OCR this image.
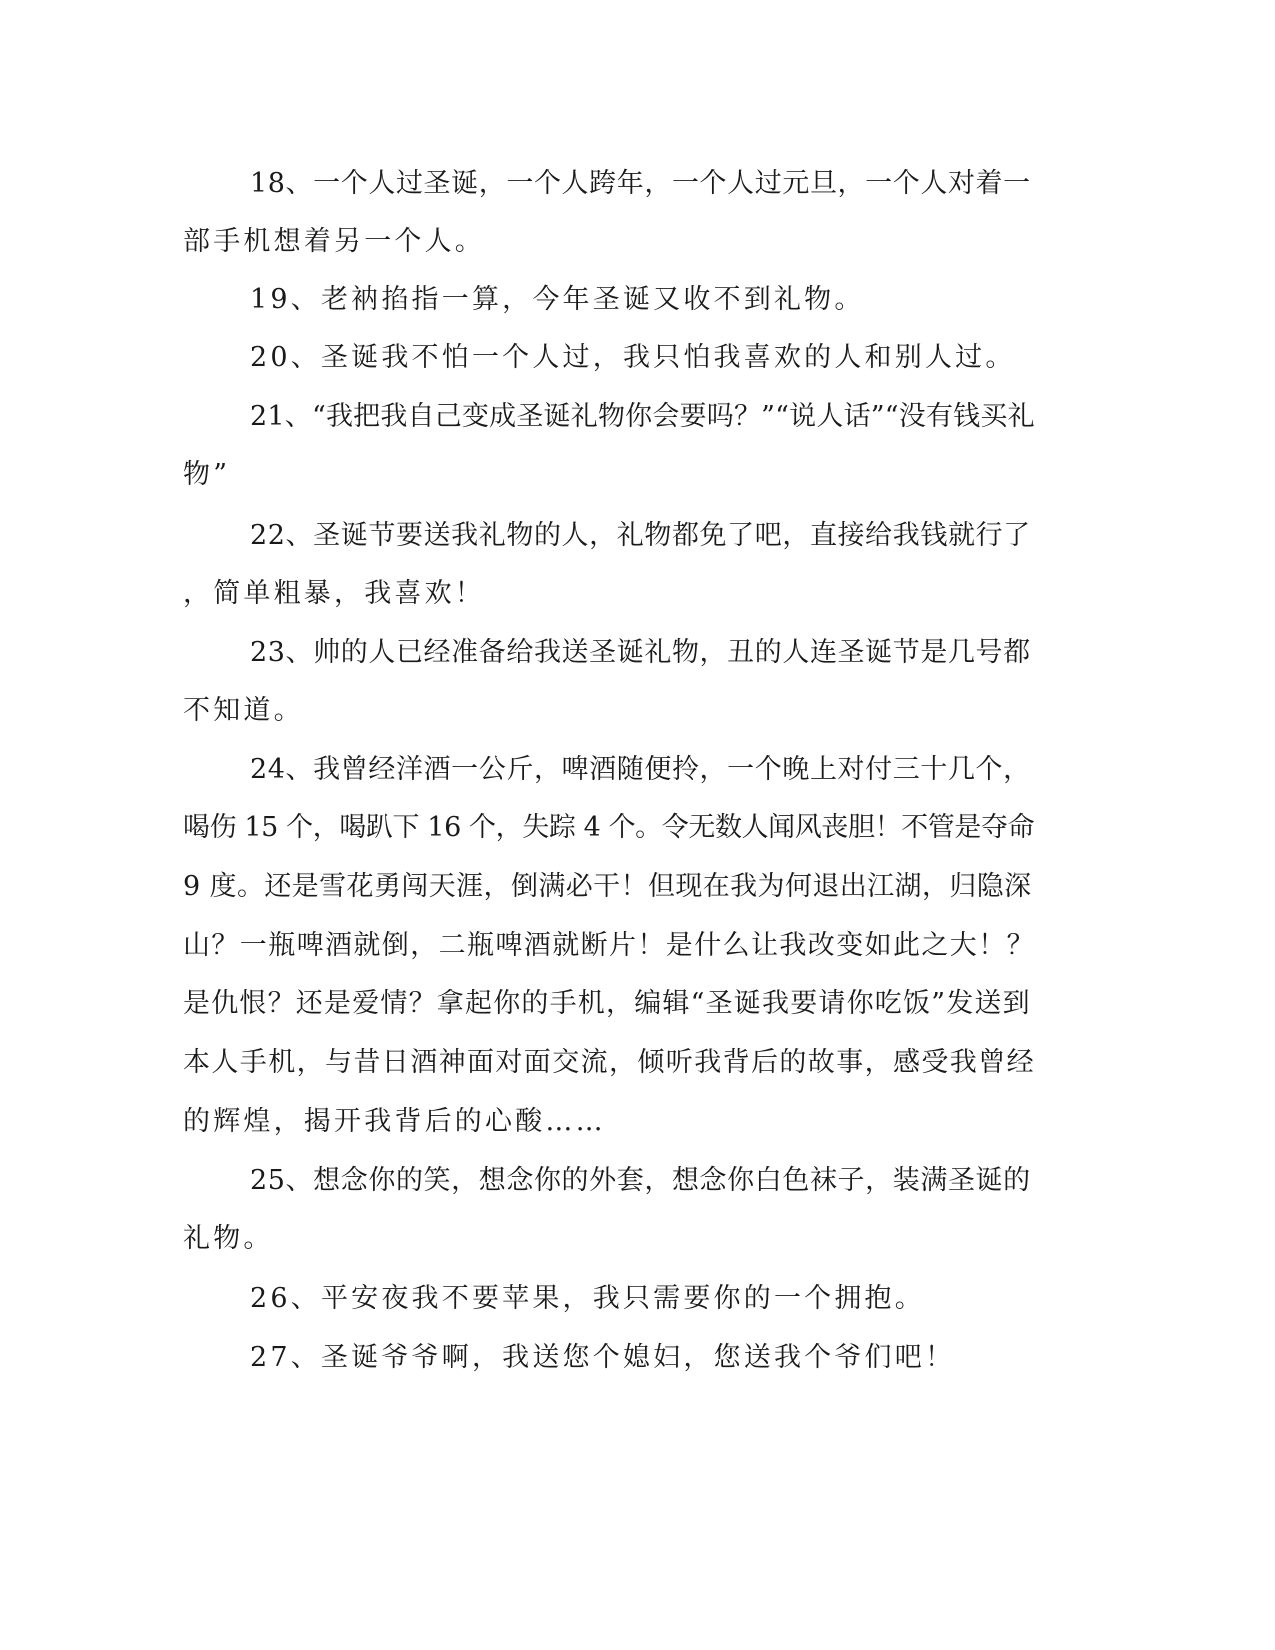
18、一个人过圣诞，一个人跨年，一个人过元旦，一个人对着一
部手机想着另一个人。
19、老衲掐指一算，今年圣诞又收不到礼物。
20、圣诞我不怕一个人过，我只怕我喜欢的人和别人过。
21、“我把我自己变成圣诞礼物你会要吗？”“说人话”“没有钱买礼
物”
22、圣诞节要送我礼物的人，礼物都免了吧，直接给我钱就行了
，简单粗暴，我喜欢！
23、帅的人已经准备给我送圣诞礼物，丑的人连圣诞节是几号都
不知道。
24、我曾经洋酒一公斤，啤酒随便拎，一个晚上对付三十几个，
喝伤 15 个，喝趴下 16 个，失踪 4 个。令无数人闻风丧胆！不管是夺命
9 度。还是雪花勇闯天涯，倒满必干！但现在我为何退出江湖，归隐深
山？一瓶啤酒就倒，二瓶啤酒就断片！是什么让我改变如此之大！？
是仇恨？还是爱情？拿起你的手机，编辑“圣诞我要请你吃饭”发送到
本人手机，与昔日酒神面对面交流，倾听我背后的故事，感受我曾经
的辉煌，揭开我背后的心酸……
25、想念你的笑，想念你的外套，想念你白色袜子，装满圣诞的
礼物。
26、平安夜我不要苹果，我只需要你的一个拥抱。
27、圣诞爷爷啊，我送您个媳妇，您送我个爷们吧！
